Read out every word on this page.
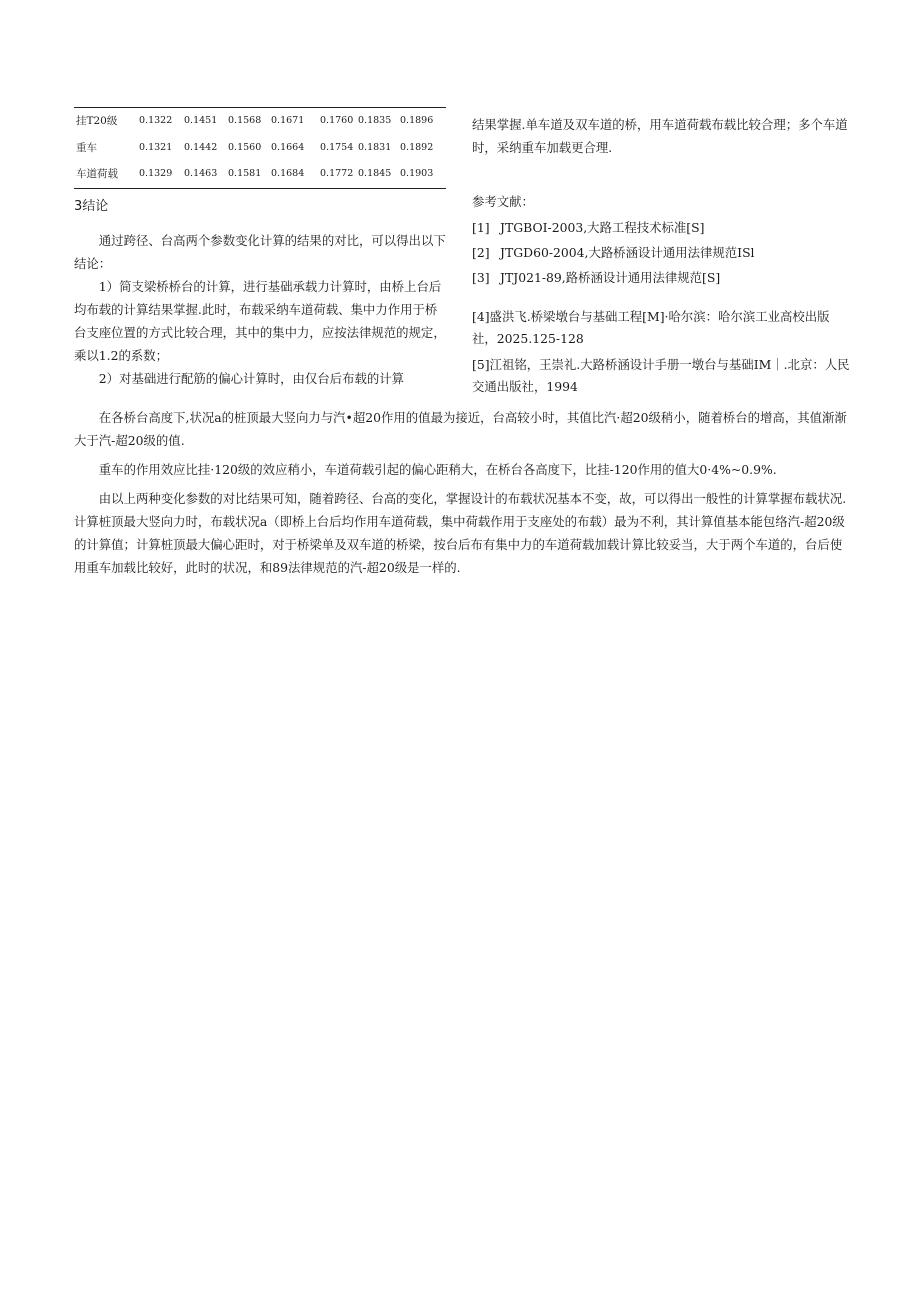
挂T20级 0.1322 0.1451 0.1568 0.1671 0.1760 0.1835 0.1896
重车	0.1321 0.1442 0.1560 0.1664 0.1754 0.1831 0.1892
车道荷载 0.1329 0.1463 0.1581 0.1684 0.1772 0.1845 0.1903
3结论

通过跨径、台高两个参数变化计算的结果的对比，可以得出以下结论：

1）简支梁桥桥台的计算，进行基础承载力计算时，由桥上台后均布载的计算结果掌握.此时，布载采纳车道荷载、集中力作用于桥台支座位置的方式比较合理，其中的集中力，应按法律规范的规定，乘以1.2的系数；

2）对基础进行配筋的偏心计算时，由仅台后布载的计算

结果掌握.单车道及双车道的桥，用车道荷载布载比较合理；多个车道时，采纳重车加载更合理.

参考文献：
[1] JTGBOI-2003,大路工程技术标准[S]
[2] JTGD60-2004,大路桥涵设计通用法律规范ISl
[3] JTJ021-89,路桥涵设计通用法律规范[S]

[4]盛洪飞.桥梁墩台与基础工程[M]·哈尔滨：哈尔滨工业高校出版社，2025.125-128

[5]江祖铭，王崇礼.大路桥涵设计手册一墩台与基础IM｜.北京：人民交通出版社，1994

在各桥台高度下,状况a的桩顶最大竖向力与汽•超20作用的值最为接近，台高较小时，其值比汽·超20级稍小，随着桥台的增高，其值渐渐大于汽-超20级的值.

重车的作用效应比挂·120级的效应稍小，车道荷载引起的偏心距稍大，在桥台各高度下，比挂-120作用的值大0·4%~0.9%.

由以上两种变化参数的对比结果可知，随着跨径、台高的变化，掌握设计的布载状况基本不变，故，可以得出一般性的计算掌握布载状况.计算桩顶最大竖向力时，布载状况a（即桥上台后均作用车道荷载，集中荷载作用于支座处的布载）最为不利，其计算值基本能包络汽-超20级的计算值；计算桩顶最大偏心距时，对于桥梁单及双车道的桥梁，按台后布有集中力的车道荷载加载计算比较妥当，大于两个车道的，台后使用重车加载比较好，此时的状况，和89法律规范的汽-超20级是一样的.
